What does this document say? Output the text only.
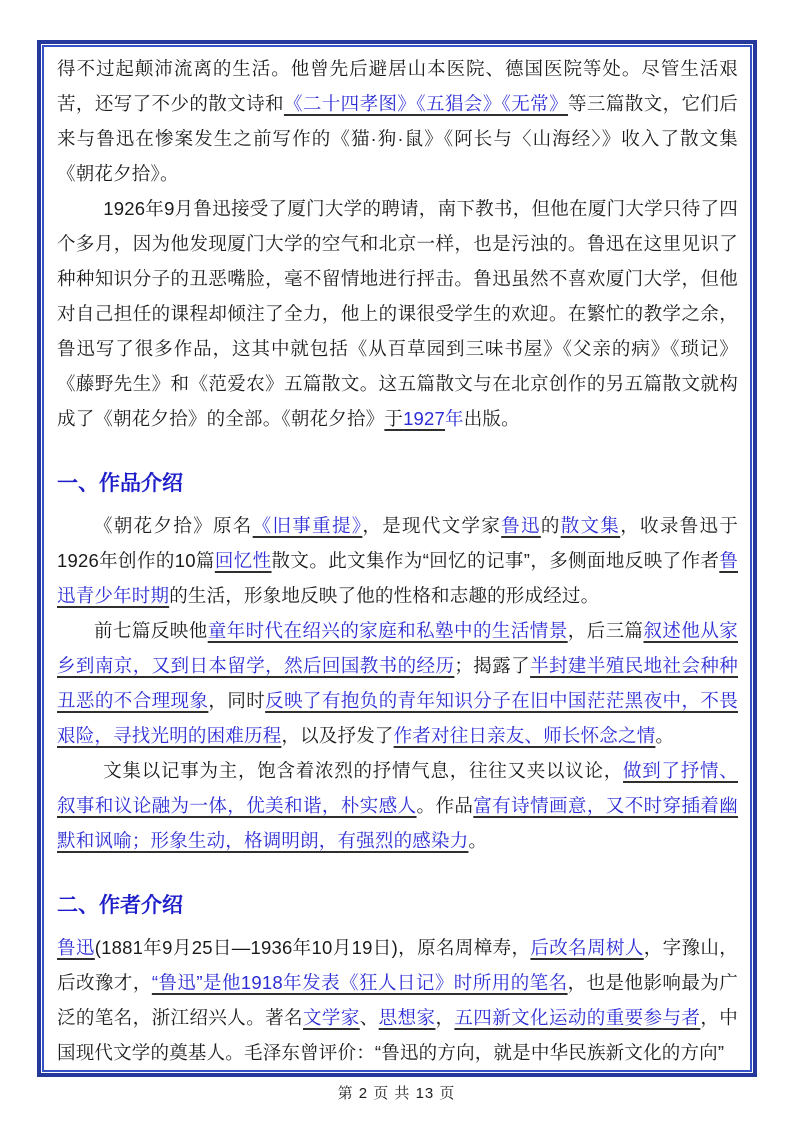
得不过起颠沛流离的生活。他曾先后避居山本医院、德国医院等处。尽管生活艰苦，还写了不少的散文诗和《二十四孝图》《五猖会》《无常》等三篇散文，它们后来与鲁迅在惨案发生之前写作的《猫·狗·鼠》《阿长与〈山海经〉》收入了散文集《朝花夕拾》。

1926年9月鲁迅接受了厦门大学的聘请，南下教书，但他在厦门大学只待了四个多月，因为他发现厦门大学的空气和北京一样，也是污浊的。鲁迅在这里见识了种种知识分子的丑恶嘴脸，毫不留情地进行抨击。鲁迅虽然不喜欢厦门大学，但他对自己担任的课程却倾注了全力，他上的课很受学生的欢迎。在繁忙的教学之余，鲁迅写了很多作品，这其中就包括《从百草园到三味书屋》《父亲的病》《琐记》《藤野先生》和《范爱农》五篇散文。这五篇散文与在北京创作的另五篇散文就构成了《朝花夕拾》的全部。《朝花夕拾》于1927年出版。

一、作品介绍

《朝花夕拾》原名《旧事重提》，是现代文学家鲁迅的散文集，收录鲁迅于1926年创作的10篇回忆性散文。此文集作为“回忆的记事”，多侧面地反映了作者鲁迅青少年时期的生活，形象地反映了他的性格和志趣的形成经过。

前七篇反映他童年时代在绍兴的家庭和私塾中的生活情景，后三篇叙述他从家乡到南京，又到日本留学，然后回国教书的经历；揭露了半封建半殖民地社会种种丑恶的不合理现象，同时反映了有抱负的青年知识分子在旧中国茫茫黑夜中，不畏艰险，寻找光明的困难历程，以及抒发了作者对往日亲友、师长怀念之情。

文集以记事为主，饱含着浓烈的抒情气息，往往又夹以议论，做到了抒情、叙事和议论融为一体，优美和谐，朴实感人。作品富有诗情画意，又不时穿插着幽默和讽喻；形象生动，格调明朗，有强烈的感染力。

二、作者介绍

鲁迅(1881年9月25日—1936年10月19日)，原名周樟寿，后改名周树人，字豫山，后改豫才，“鲁迅”是他1918年发表《狂人日记》时所用的笔名，也是他影响最为广泛的笔名，浙江绍兴人。著名文学家、思想家，五四新文化运动的重要参与者，中国现代文学的奠基人。毛泽东曾评价：“鲁迅的方向，就是中华民族新文化的方向”

第 2 页 共 13 页
